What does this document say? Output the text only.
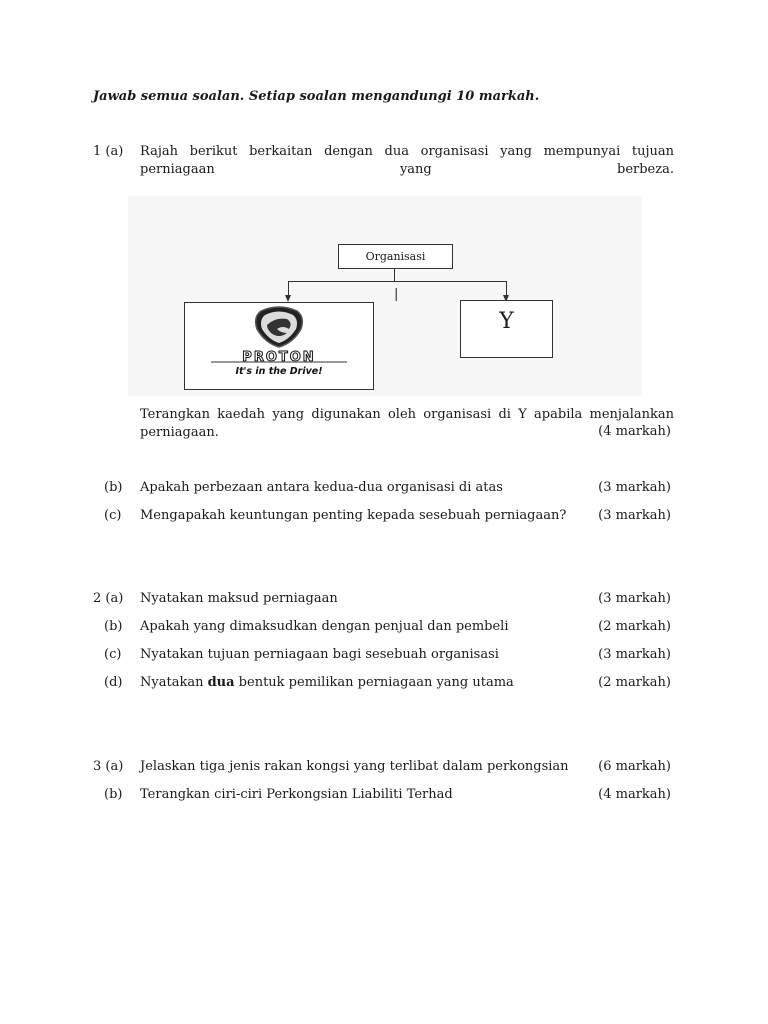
Jawab semua soalan. Setiap soalan mengandungi 10 markah.
1 (a) Rajah berikut berkaitan dengan dua organisasi yang mempunyai tujuan perniagaan yang berbeza.
Organisasi
|
PROTON
It's in the Drive!
Y
Terangkan kaedah yang digunakan oleh organisasi di Y apabila menjalankan perniagaan.	(4 markah)
(b) Apakah perbezaan antara kedua-dua organisasi di atas	(3 markah)
(c) Mengapakah keuntungan penting kepada sesebuah perniagaan? (3 markah)
2 (a) Nyatakan maksud perniagaan	(3 markah)
(b) Apakah yang dimaksudkan dengan penjual dan pembeli	(2 markah)
(c) Nyatakan tujuan perniagaan bagi sesebuah organisasi	(3 markah)
(d) Nyatakan dua bentuk pemilikan perniagaan yang utama	(2 markah)
3 (a) Jelaskan tiga jenis rakan kongsi yang terlibat dalam perkongsian (6 markah)
(b) Terangkan ciri-ciri Perkongsian Liabiliti Terhad	(4 markah)
